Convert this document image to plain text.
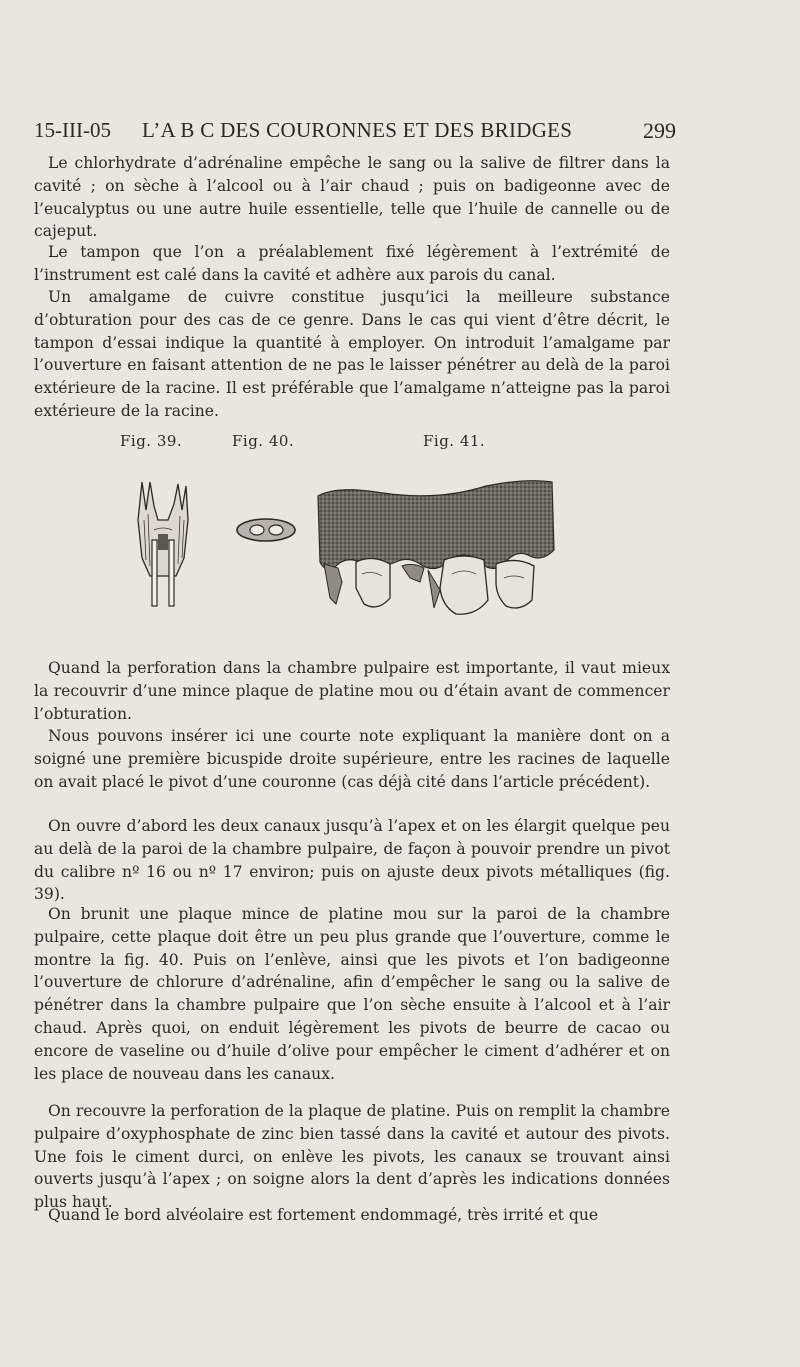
15-III-05 L’A B C DES COURONNES ET DES BRIDGES	299

Le chlorhydrate d’adrénaline empêche le sang ou la salive de filtrer dans la cavité ; on sèche à l’alcool ou à l’air chaud ; puis on badigeonne avec de l’eucalyptus ou une autre huile essentielle, telle que l’huile de cannelle ou de cajeput.

Le tampon que l’on a préalablement fixé légèrement à l’extrémité de l’instrument est calé dans la cavité et adhère aux parois du canal.

Un amalgame de cuivre constitue jusqu’ici la meilleure substance d’obturation pour des cas de ce genre. Dans le cas qui vient d’être décrit, le tampon d’essai indique la quantité à employer. On introduit l’amalgame par l’ouverture en faisant attention de ne pas le laisser pénétrer au delà de la paroi extérieure de la racine. Il est préférable que l’amalgame n’atteigne pas la paroi extérieure de la racine.

Fig. 39.	Fig. 40.	Fig. 41.

Quand la perforation dans la chambre pulpaire est importante, il vaut mieux la recouvrir d’une mince plaque de platine mou ou d’étain avant de commencer l’obturation.

Nous pouvons insérer ici une courte note expliquant la manière dont on a soigné une première bicuspide droite supérieure, entre les racines de laquelle on avait placé le pivot d’une couronne (cas déjà cité dans l’article précédent).

On ouvre d’abord les deux canaux jusqu’à l’apex et on les élargit quelque peu au delà de la paroi de la chambre pulpaire, de façon à pouvoir prendre un pivot du calibre nº 16 ou nº 17 environ; puis on ajuste deux pivots métalliques (fig. 39).

On brunit une plaque mince de platine mou sur la paroi de la chambre pulpaire, cette plaque doit être un peu plus grande que l’ouverture, comme le montre la fig. 40. Puis on l’enlève, ainsi que les pivots et l’on badigeonne l’ouverture de chlorure d’adrénaline, afin d’empêcher le sang ou la salive de pénétrer dans la chambre pulpaire que l’on sèche ensuite à l’alcool et à l’air chaud. Après quoi, on enduit légèrement les pivots de beurre de cacao ou encore de vaseline ou d’huile d’olive pour empêcher le ciment d’adhérer et on les place de nouveau dans les canaux.

On recouvre la perforation de la plaque de platine. Puis on remplit la chambre pulpaire d’oxyphosphate de zinc bien tassé dans la cavité et autour des pivots. Une fois le ciment durci, on enlève les pivots, les canaux se trouvant ainsi ouverts jusqu’à l’apex ; on soigne alors la dent d’après les indications données plus haut.

Quand le bord alvéolaire est fortement endommagé, très irrité et que
